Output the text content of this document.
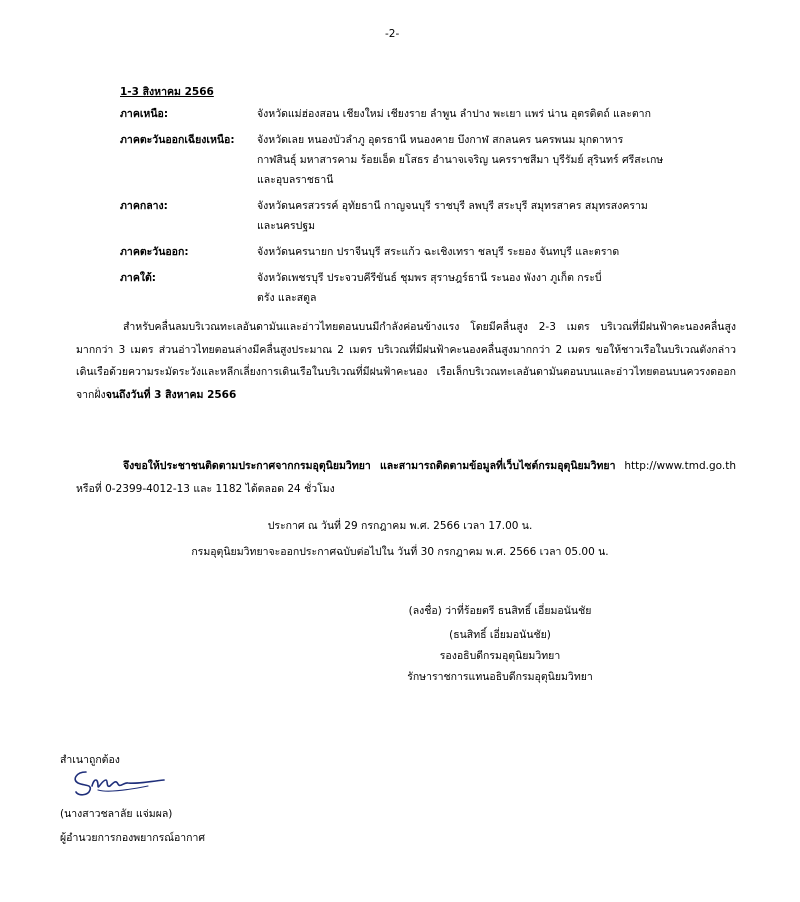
-2-
1-3 สิงหาคม 2566
ภาคเหนือ:	จังหวัดแม่ฮ่องสอน เชียงใหม่ เชียงราย ลำพูน ลำปาง พะเยา แพร่ น่าน อุตรดิตถ์ และตาก
ภาคตะวันออกเฉียงเหนือ: จังหวัดเลย หนองบัวลำภู อุดรธานี หนองคาย บึงกาฬ สกลนคร นครพนม มุกดาหาร
กาฬสินธุ์ มหาสารคาม ร้อยเอ็ด ยโสธร อำนาจเจริญ นครราชสีมา บุรีรัมย์ สุรินทร์ ศรีสะเกษ
และอุบลราชธานี
ภาคกลาง:	จังหวัดนครสวรรค์ อุทัยธานี กาญจนบุรี ราชบุรี ลพบุรี สระบุรี สมุทรสาคร สมุทรสงคราม
และนครปฐม
ภาคตะวันออก:	จังหวัดนครนายก ปราจีนบุรี สระแก้ว ฉะเชิงเทรา ชลบุรี ระยอง จันทบุรี และตราด
ภาคใต้:	จังหวัดเพชรบุรี ประจวบคีรีขันธ์ ชุมพร สุราษฎร์ธานี ระนอง พังงา ภูเก็ต กระบี่
ตรัง และสตูล
สำหรับคลื่นลมบริเวณทะเลอันดามันและอ่าวไทยตอนบนมีกำลังค่อนข้างแรง โดยมีคลื่นสูง 2-3 เมตร บริเวณที่มีฝนฟ้าคะนองคลื่นสูงมากกว่า 3 เมตร ส่วนอ่าวไทยตอนล่างมีคลื่นสูงประมาณ 2 เมตร บริเวณที่มีฝนฟ้าคะนองคลื่นสูงมากกว่า 2 เมตร ขอให้ชาวเรือในบริเวณดังกล่าวเดินเรือด้วยความระมัดระวังและหลีกเลี่ยงการเดินเรือในบริเวณที่มีฝนฟ้าคะนอง เรือเล็กบริเวณทะเลอันดามันตอนบนและอ่าวไทยตอนบนควรงดออกจากฝั่งจนถึงวันที่ 3 สิงหาคม 2566
จึงขอให้ประชาชนติดตามประกาศจากกรมอุตุนิยมวิทยา และสามารถติดตามข้อมูลที่เว็บไซต์กรมอุตุนิยมวิทยา http://www.tmd.go.th หรือที่ 0-2399-4012-13 และ 1182 ได้ตลอด 24 ชั่วโมง
ประกาศ ณ วันที่ 29 กรกฎาคม พ.ศ. 2566 เวลา 17.00 น.
กรมอุตุนิยมวิทยาจะออกประกาศฉบับต่อไปใน วันที่ 30 กรกฎาคม พ.ศ. 2566 เวลา 05.00 น.
(ลงชื่อ) ว่าที่ร้อยตรี ธนสิทธิ์ เอี่ยมอนันชัย
(ธนสิทธิ์ เอี่ยมอนันชัย)
รองอธิบดีกรมอุตุนิยมวิทยา
รักษาราชการแทนอธิบดีกรมอุตุนิยมวิทยา
สำเนาถูกต้อง
(นางสาวชลาลัย แจ่มผล)
ผู้อำนวยการกองพยากรณ์อากาศ
